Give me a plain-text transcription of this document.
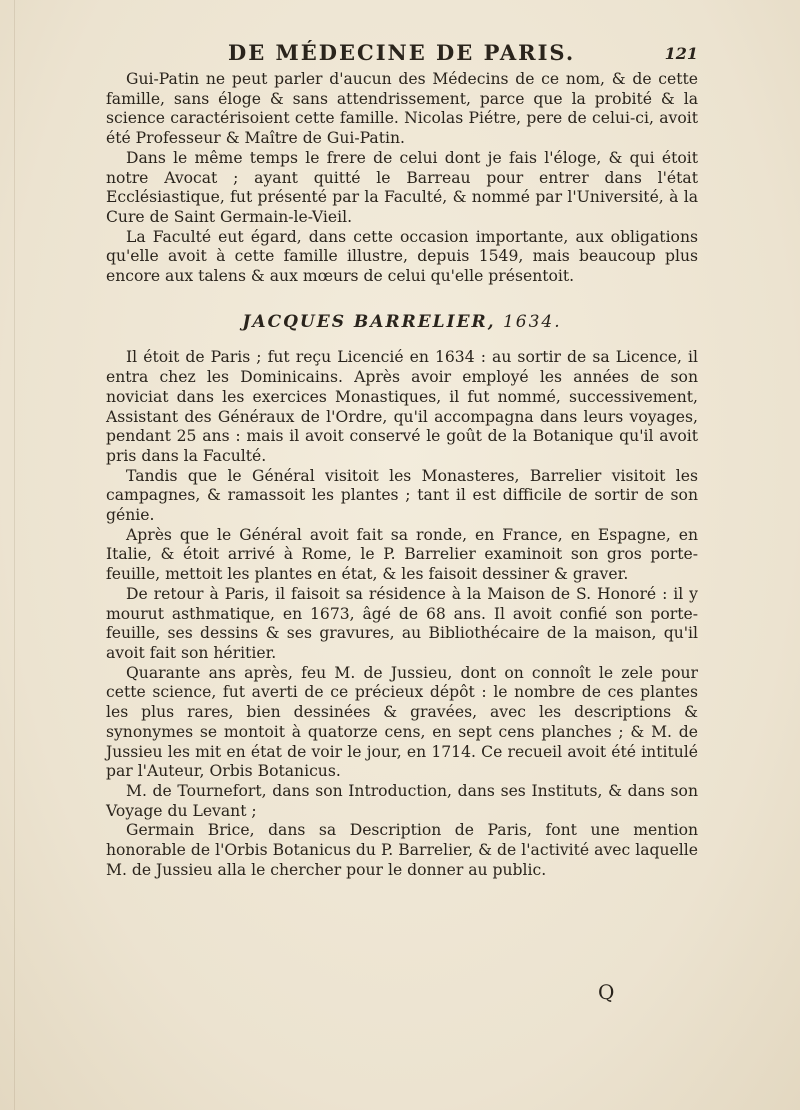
DE MÉDECINE DE PARIS.	121

Gui-Patin ne peut parler d'aucun des Médecins de ce nom, & de cette famille, sans éloge & sans attendrissement, parce que la probité & la science caractérisoient cette famille. Nicolas Piétre, pere de celui-ci, avoit été Professeur & Maître de Gui-Patin.

Dans le même temps le frere de celui dont je fais l'éloge, & qui étoit notre Avocat ; ayant quitté le Barreau pour entrer dans l'état Ecclésiastique, fut présenté par la Faculté, & nommé par l'Université, à la Cure de Saint Germain-le-Vieil.

La Faculté eut égard, dans cette occasion importante, aux obligations qu'elle avoit à cette famille illustre, depuis 1549, mais beaucoup plus encore aux talens & aux mœurs de celui qu'elle présentoit.

JACQUES BARRELIER, 1634.

Il étoit de Paris ; fut reçu Licencié en 1634 : au sortir de sa Licence, il entra chez les Dominicains. Après avoir employé les années de son noviciat dans les exercices Monastiques, il fut nommé, successivement, Assistant des Généraux de l'Ordre, qu'il accompagna dans leurs voyages, pendant 25 ans : mais il avoit conservé le goût de la Botanique qu'il avoit pris dans la Faculté.

Tandis que le Général visitoit les Monasteres, Barrelier visitoit les campagnes, & ramassoit les plantes ; tant il est difficile de sortir de son génie.

Après que le Général avoit fait sa ronde, en France, en Espagne, en Italie, & étoit arrivé à Rome, le P. Barrelier examinoit son gros porte-feuille, mettoit les plantes en état, & les faisoit dessiner & graver.

De retour à Paris, il faisoit sa résidence à la Maison de S. Honoré : il y mourut asthmatique, en 1673, âgé de 68 ans. Il avoit confié son porte-feuille, ses dessins & ses gravures, au Bibliothécaire de la maison, qu'il avoit fait son héritier.

Quarante ans après, feu M. de Jussieu, dont on connoît le zele pour cette science, fut averti de ce précieux dépôt : le nombre de ces plantes les plus rares, bien dessinées & gravées, avec les descriptions & synonymes se montoit à quatorze cens, en sept cens planches ; & M. de Jussieu les mit en état de voir le jour, en 1714. Ce recueil avoit été intitulé par l'Auteur, Orbis Botanicus.

M. de Tournefort, dans son Introduction, dans ses Instituts, & dans son Voyage du Levant ;

Germain Brice, dans sa Description de Paris, font une mention honorable de l'Orbis Botanicus du P. Barrelier, & de l'activité avec laquelle M. de Jussieu alla le chercher pour le donner au public.

Q
